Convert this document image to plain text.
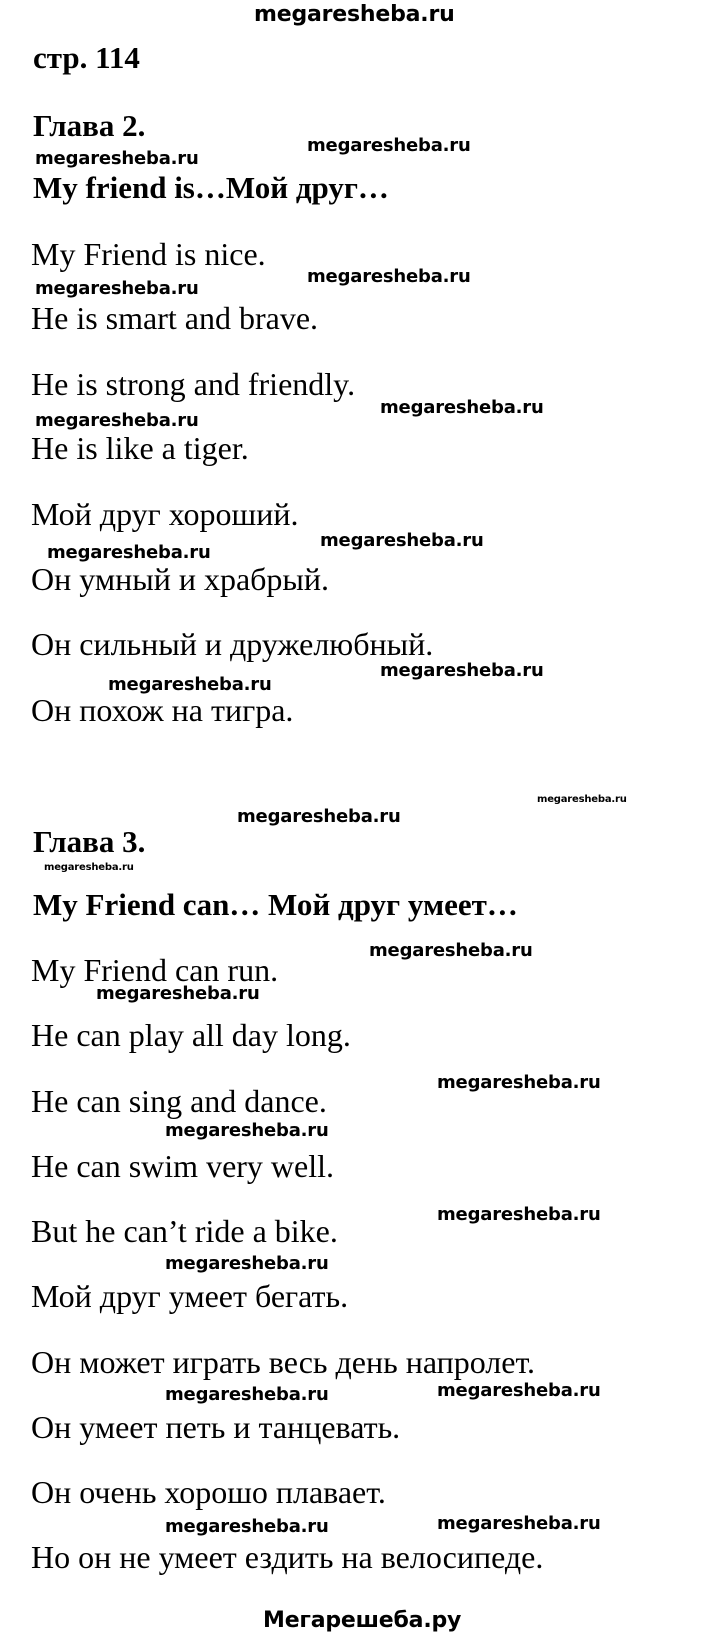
megaresheba.ru
стр. 114
Глава 2.
My friend is…Мой друг…
My Friend is nice.
He is smart and brave.
He is strong and friendly.
He is like a tiger.
Мой друг хороший.
Он умный и храбрый.
Он сильный и дружелюбный.
Он похож на тигра.
Глава 3.
My Friend can… Мой друг умеет…
My Friend can run.
He can play all day long.
He can sing and dance.
He can swim very well.
But he can’t ride a bike.
Мой друг умеет бегать.
Он может играть весь день напролет.
Он умеет петь и танцевать.
Он очень хорошо плавает.
Но он не умеет ездить на велосипеде.
megaresheba.ru
megaresheba.ru
megaresheba.ru
megaresheba.ru
megaresheba.ru
megaresheba.ru
megaresheba.ru
megaresheba.ru
megaresheba.ru
megaresheba.ru
megaresheba.ru
megaresheba.ru
megaresheba.ru
megaresheba.ru
megaresheba.ru
megaresheba.ru
megaresheba.ru
megaresheba.ru
megaresheba.ru
megaresheba.ru	megaresheba.ru
megaresheba.ru	megaresheba.ru
Мегарешеба.ру
